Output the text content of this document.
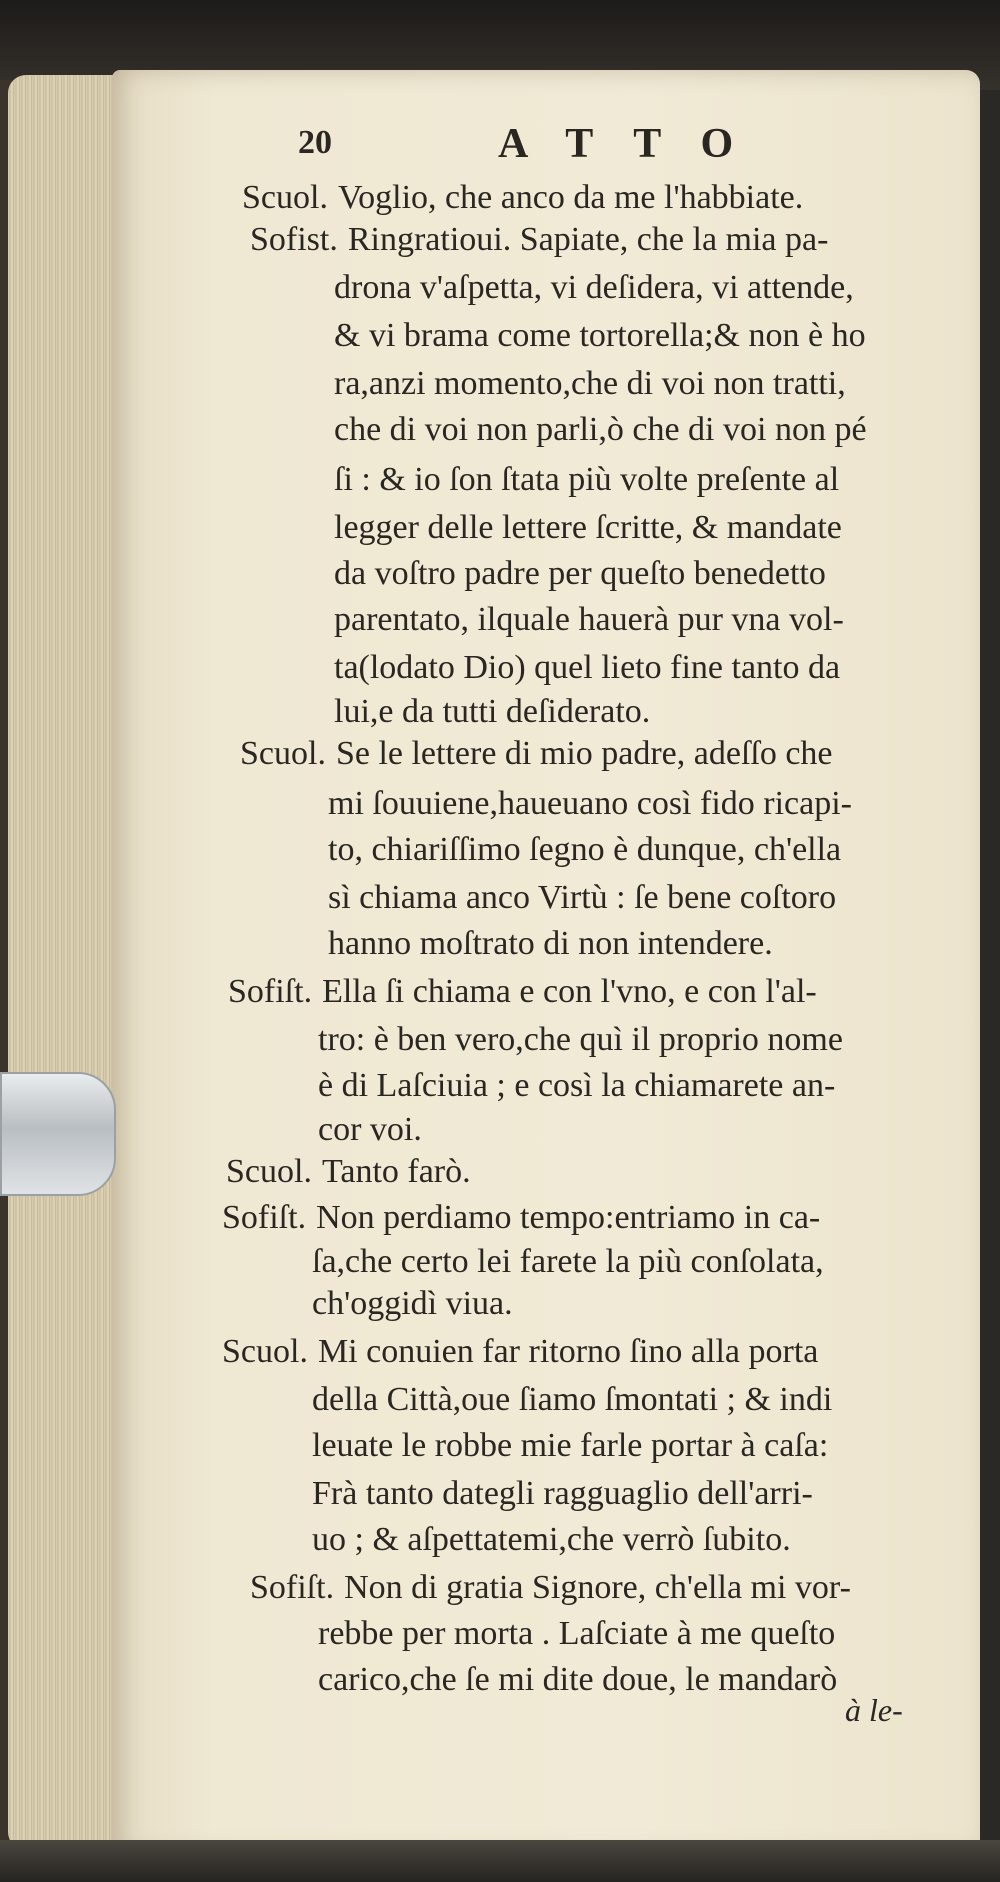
20	ATTO
Scuol. Voglio, che anco da me l'habbiate.
Sofist. Ringratioui. Sapiate, che la mia pa-
drona v'aſpetta, vi deſidera, vi attende,
& vi brama come tortorella;& non è ho
ra,anzi momento,che di voi non tratti,
che di voi non parli,ò che di voi non pé
ſi : & io ſon ſtata più volte preſente al
legger delle lettere ſcritte, & mandate
da voſtro padre per queſto benedetto
parentato, ilquale hauerà pur vna vol-
ta(lodato Dio) quel lieto fine tanto da
lui,e da tutti deſiderato.
Scuol. Se le lettere di mio padre, adeſſo che
mi ſouuiene,haueuano così fido ricapi-
to, chiariſſimo ſegno è dunque, ch'ella
sì chiama anco Virtù : ſe bene coſtoro
hanno moſtrato di non intendere.
Sofiſt. Ella ſi chiama e con l'vno, e con l'al-
tro: è ben vero,che quì il proprio nome
è di Laſciuia ; e così la chiamarete an-
cor voi.
Scuol. Tanto farò.
Sofiſt. Non perdiamo tempo:entriamo in ca-
ſa,che certo lei farete la più conſolata,
ch'oggidì viua.
Scuol. Mi conuien far ritorno ſino alla porta
della Città,oue ſiamo ſmontati ; & indi
leuate le robbe mie farle portar à caſa:
Frà tanto dategli ragguaglio dell'arri-
uo ; & aſpettatemi,che verrò ſubito.
Sofiſt. Non di gratia Signore, ch'ella mi vor-
rebbe per morta . Laſciate à me queſto
carico,che ſe mi dite doue, le mandarò
à le-
